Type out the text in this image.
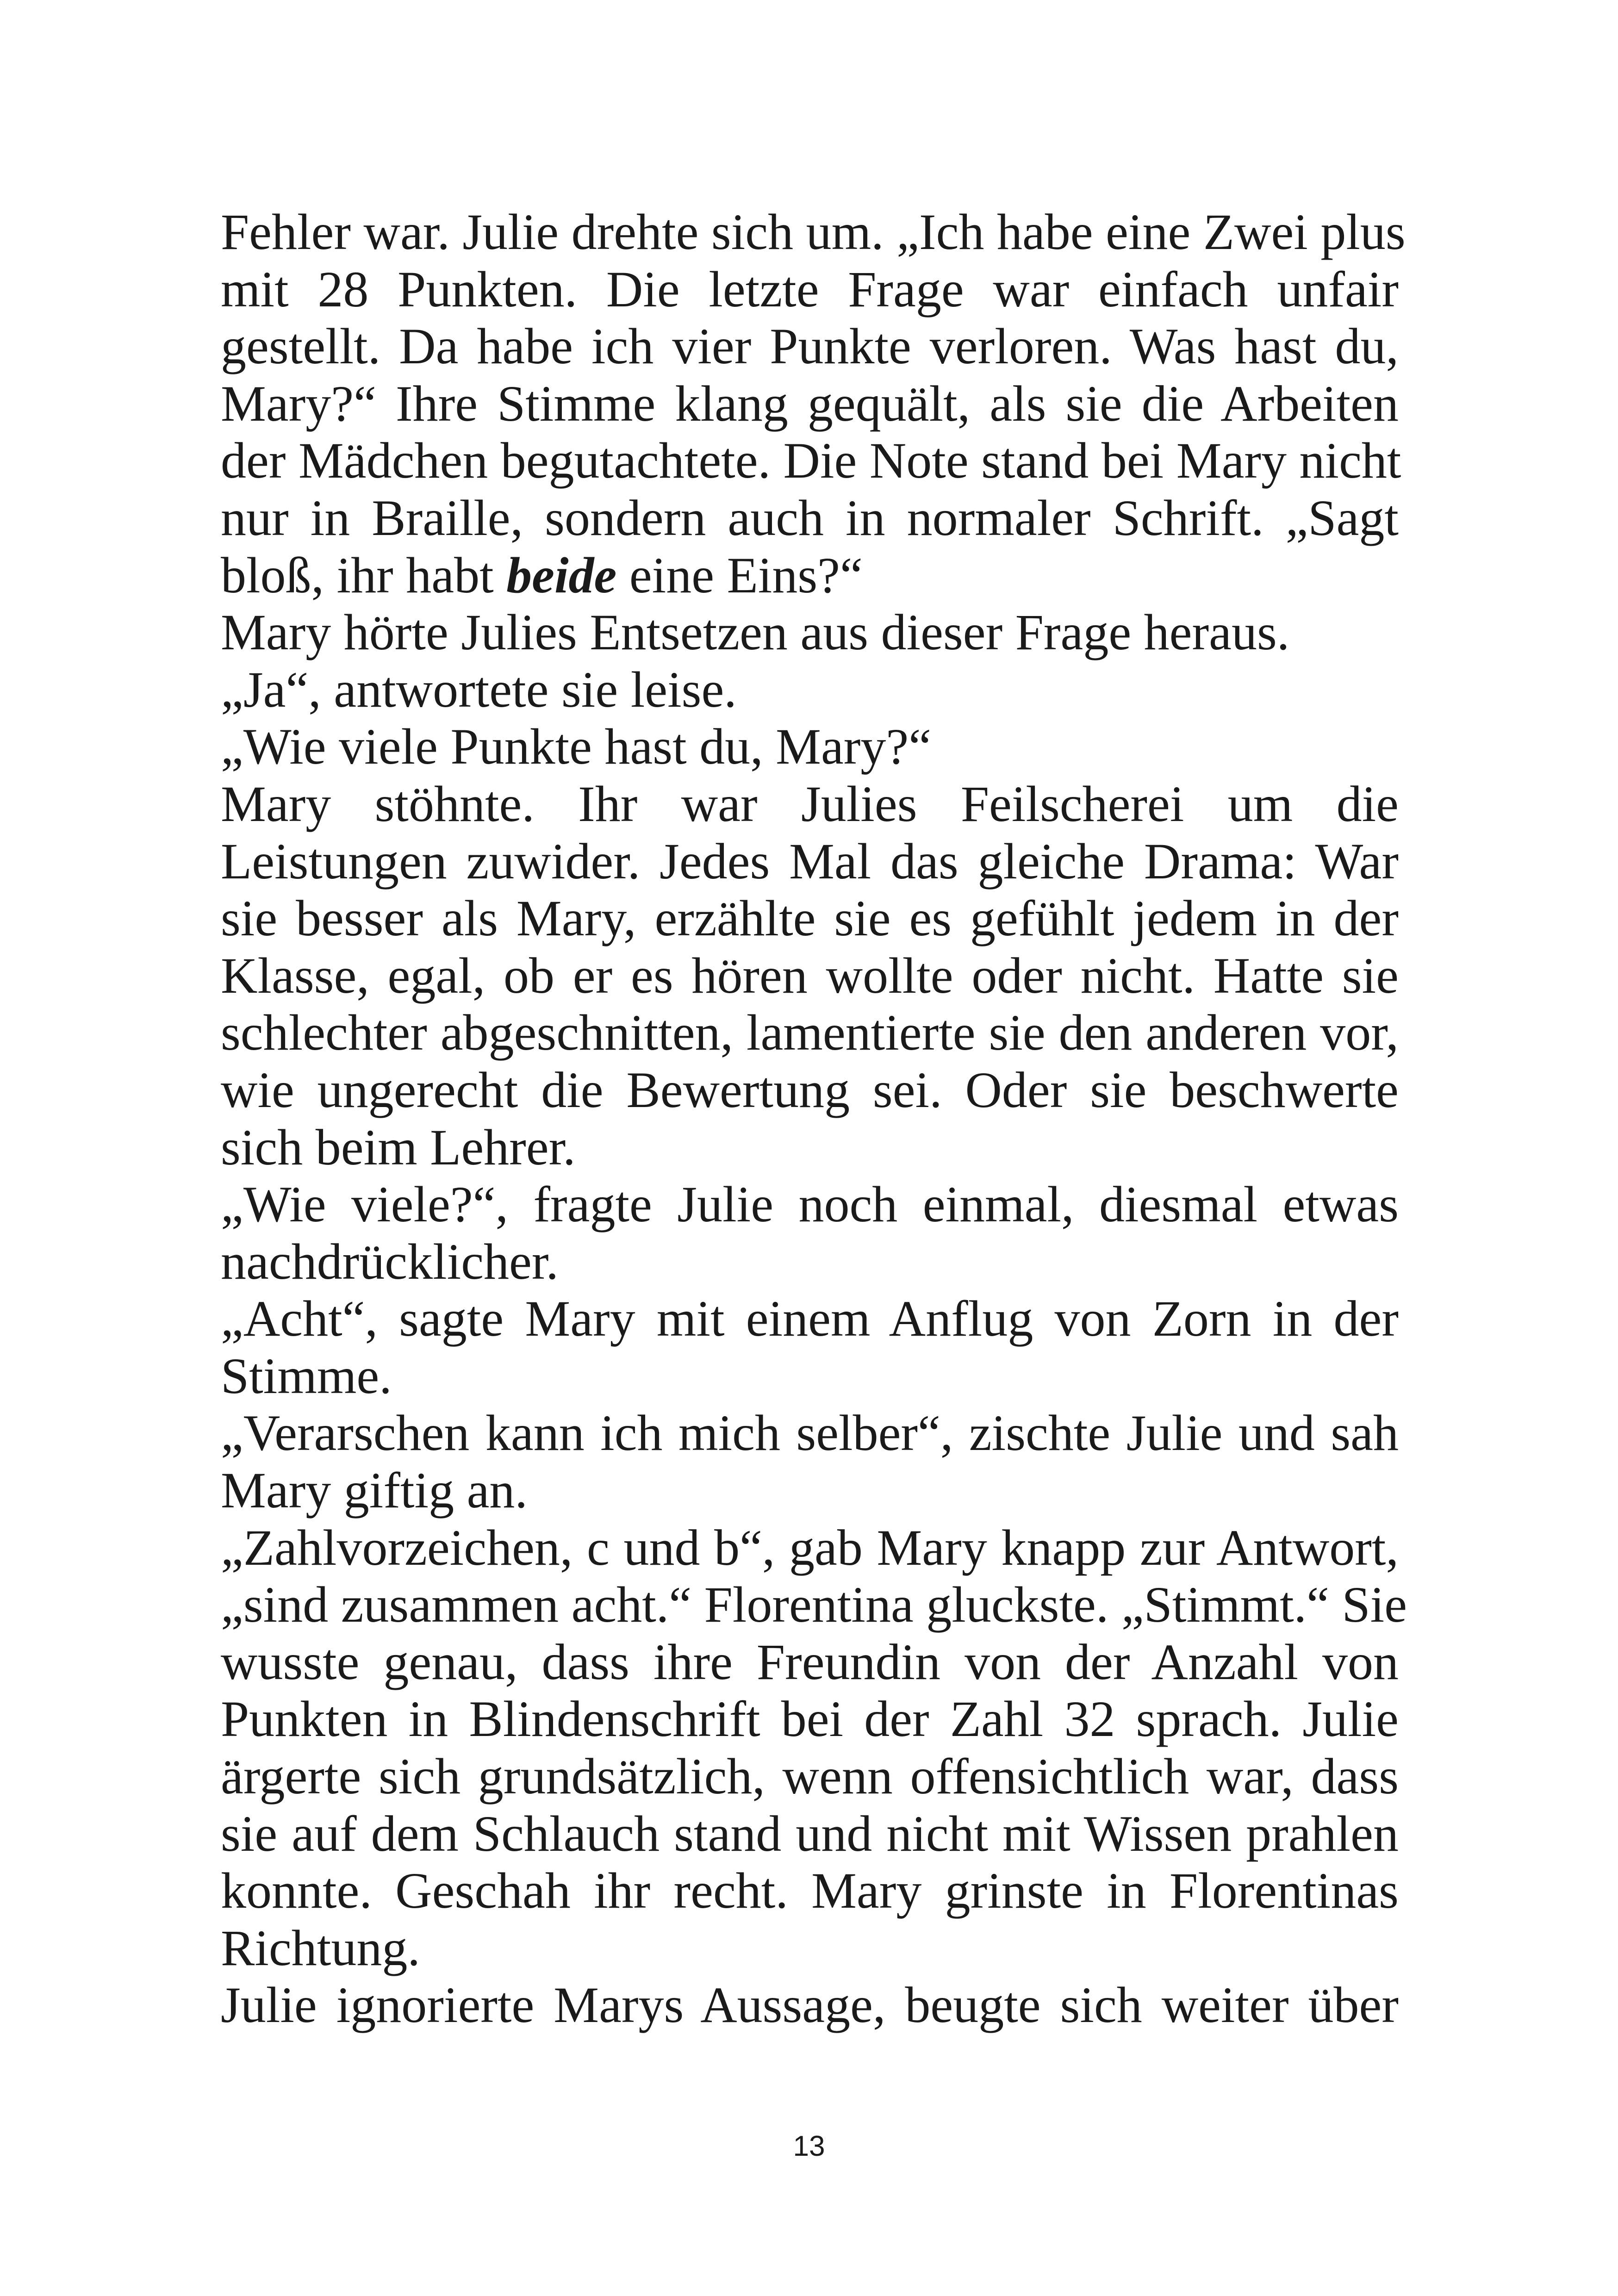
Fehler war. Julie drehte sich um. „Ich habe eine Zwei plus
mit 28 Punkten. Die letzte Frage war einfach unfair
gestellt. Da habe ich vier Punkte verloren. Was hast du,
Mary?“ Ihre Stimme klang gequält, als sie die Arbeiten
der Mädchen begutachtete. Die Note stand bei Mary nicht
nur in Braille, sondern auch in normaler Schrift. „Sagt
bloß, ihr habt beide eine Eins?“
Mary hörte Julies Entsetzen aus dieser Frage heraus.
„Ja“, antwortete sie leise.
„Wie viele Punkte hast du, Mary?“
Mary stöhnte. Ihr war Julies Feilscherei um die
Leistungen zuwider. Jedes Mal das gleiche Drama: War
sie besser als Mary, erzählte sie es gefühlt jedem in der
Klasse, egal, ob er es hören wollte oder nicht. Hatte sie
schlechter abgeschnitten, lamentierte sie den anderen vor,
wie ungerecht die Bewertung sei. Oder sie beschwerte
sich beim Lehrer.
„Wie viele?“, fragte Julie noch einmal, diesmal etwas
nachdrücklicher.
„Acht“, sagte Mary mit einem Anflug von Zorn in der
Stimme.
„Verarschen kann ich mich selber“, zischte Julie und sah
Mary giftig an.
„Zahlvorzeichen, c und b“, gab Mary knapp zur Antwort,
„sind zusammen acht.“ Florentina gluckste. „Stimmt.“ Sie
wusste genau, dass ihre Freundin von der Anzahl von
Punkten in Blindenschrift bei der Zahl 32 sprach. Julie
ärgerte sich grundsätzlich, wenn offensichtlich war, dass
sie auf dem Schlauch stand und nicht mit Wissen prahlen
konnte. Geschah ihr recht. Mary grinste in Florentinas
Richtung.
Julie ignorierte Marys Aussage, beugte sich weiter über
13
